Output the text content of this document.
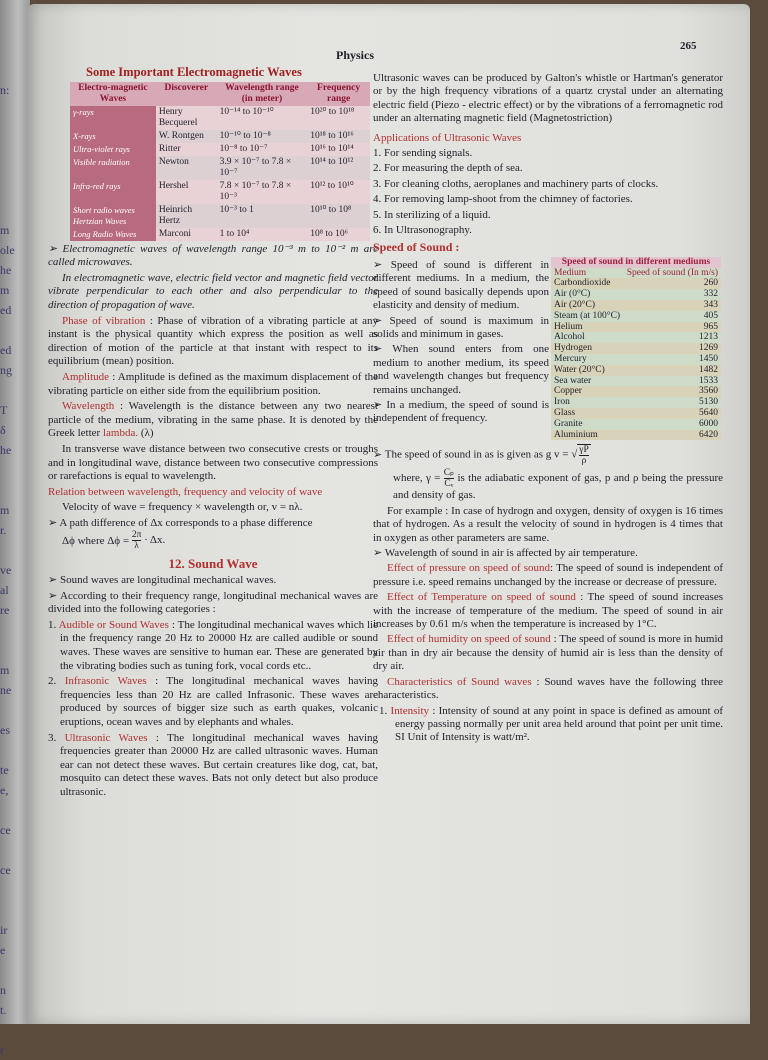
n:

m
ole
he
m
ed

ed
ng

T
δ
he

m
r.

ve
al
re

m
ne

es

te
e,

ce

ce

ir
e

n
t.

r
Physics
265
Some Important Electromagnetic Waves
Electro-magnetic Waves	Discoverer	Wavelength range (in meter)	Frequency range
γ-rays	Henry Becquerel	10⁻¹⁴ to 10⁻¹⁰	10²⁰ to 10¹⁸
X-rays	W. Rontgen	10⁻¹⁰ to 10⁻⁸	10¹⁸ to 10¹⁶
Ultra-violet rays	Ritter	10⁻⁸ to 10⁻⁷	10¹⁶ to 10¹⁴
Visible radiation	Newton	3.9 × 10⁻⁷ to 7.8 × 10⁻⁷	10¹⁴ to 10¹²
Infra-red rays	Hershel	7.8 × 10⁻⁷ to 7.8 × 10⁻³	10¹² to 10¹⁰
Short radio waves Hertzian Waves	Heinrich Hertz	10⁻³ to 1	10¹⁰ to 10⁸
Long Radio Waves	Marconi	1 to 10⁴	10⁸ to 10⁶
➢ Electromagnetic waves of wavelength range 10⁻³ m to 10⁻² m are called microwaves.
In electromagnetic wave, electric field vector and magnetic field vector vibrate perpendicular to each other and also perpendicular to the direction of propagation of wave.
Phase of vibration : Phase of vibration of a vibrating particle at any instant is the physical quantity which express the position as well as direction of motion of the particle at that instant with respect to its equilibrium (mean) position.
Amplitude : Amplitude is defined as the maximum displacement of the vibrating particle on either side from the equilibrium position.
Wavelength : Wavelength is the distance between any two nearest particle of the medium, vibrating in the same phase. It is denoted by the Greek letter lambda. (λ)
In transverse wave distance between two consecutive crests or troughs and in longitudinal wave, distance between two consecutive compressions or rarefactions is equal to wavelength.
Relation between wavelength, frequency and velocity of wave
Velocity of wave = frequency × wavelength or, v = nλ.
➢ A path difference of Δx corresponds to a phase difference
Δϕ where $\Delta\phi = \frac{2\pi}{\lambda} \cdot \Delta x$.
12. Sound Wave
➢ Sound waves are longitudinal mechanical waves.
➢ According to their frequency range, longitudinal mechanical waves are divided into the following categories :
1. Audible or Sound Waves : The longitudinal mechanical waves which lie in the frequency range 20 Hz to 20000 Hz are called audible or sound waves. These waves are sensitive to human ear. These are generated by the vibrating bodies such as tuning fork, vocal cords etc..
2. Infrasonic Waves : The longitudinal mechanical waves having frequencies less than 20 Hz are called Infrasonic. These waves are produced by sources of bigger size such as earth quakes, volcanic eruptions, ocean waves and by elephants and whales.
3. Ultrasonic Waves : The longitudinal mechanical waves having frequencies greater than 20000 Hz are called ultrasonic waves. Human ear can not detect these waves. But certain creatures like dog, cat, bat, mosquito can detect these waves. Bats not only detect but also produce ultrasonic.
Ultrasonic waves can be produced by Galton's whistle or Hartman's generator or by the high frequency vibrations of a quartz crystal under an alternating electric field (Piezo - electric effect) or by the vibrations of a ferromagnetic rod under an alternating magnetic field (Magnetostriction)
Applications of Ultrasonic Waves
1. For sending signals.
2. For measuring the depth of sea.
3. For cleaning cloths, aeroplanes and machinery parts of clocks.
4. For removing lamp-shoot from the chimney of factories.
5. In sterilizing of a liquid.
6. In Ultrasonography.
Speed of Sound :
➢ Speed of sound is different in different mediums. In a medium, the speed of sound basically depends upon elasticity and density of medium.
➢ Speed of sound is maximum in solids and minimum in gases.
➢ When sound enters from one medium to another medium, its speed and wavelength changes but frequency remains unchanged.
➢ In a medium, the speed of sound is independent of frequency.
Speed of sound in different mediums	
Medium	Speed of sound (In m/s)
Carbondioxide	260
Air (0°C)	332
Air (20°C)	343
Steam (at 100°C)	405
Helium	965
Alcohol	1213
Hydrogen	1269
Mercury	1450
Water (20°C)	1482
Sea water	1533
Copper	3560
Iron	5130
Glass	5640
Granite	6000
Aluminium	6420
➢ The speed of sound in as is given as g v = √ $\frac{\gamma P}{\rho}$
where, $\gamma = \frac{\text{Cₚ}}{\text{Cᵥ}}$ is the adiabatic exponent of gas, p and ρ being the pressure and density of gas.
For example : In case of hydrogn and oxygen, density of oxygen is 16 times that of hydrogen. As a result the velocity of sound in hydrogen is 4 times that in oxygen as other parameters are same.
➢ Wavelength of sound in air is affected by air temperature.
Effect of pressure on speed of sound: The speed of sound is independent of pressure i.e. speed remains unchanged by the increase or decrease of pressure.
Effect of Temperature on speed of sound : The speed of sound increases with the increase of temperature of the medium. The speed of sound in air increases by 0.61 m/s when the temperature is increased by 1°C.
Effect of humidity on speed of sound : The speed of sound is more in humid air than in dry air because the density of humid air is less than the density of dry air.
Characteristics of Sound waves : Sound waves have the following three characteristics.
1. Intensity : Intensity of sound at any point in space is defined as amount of energy passing normally per unit area held around that point per unit time. SI Unit of Intensity is watt/m².
